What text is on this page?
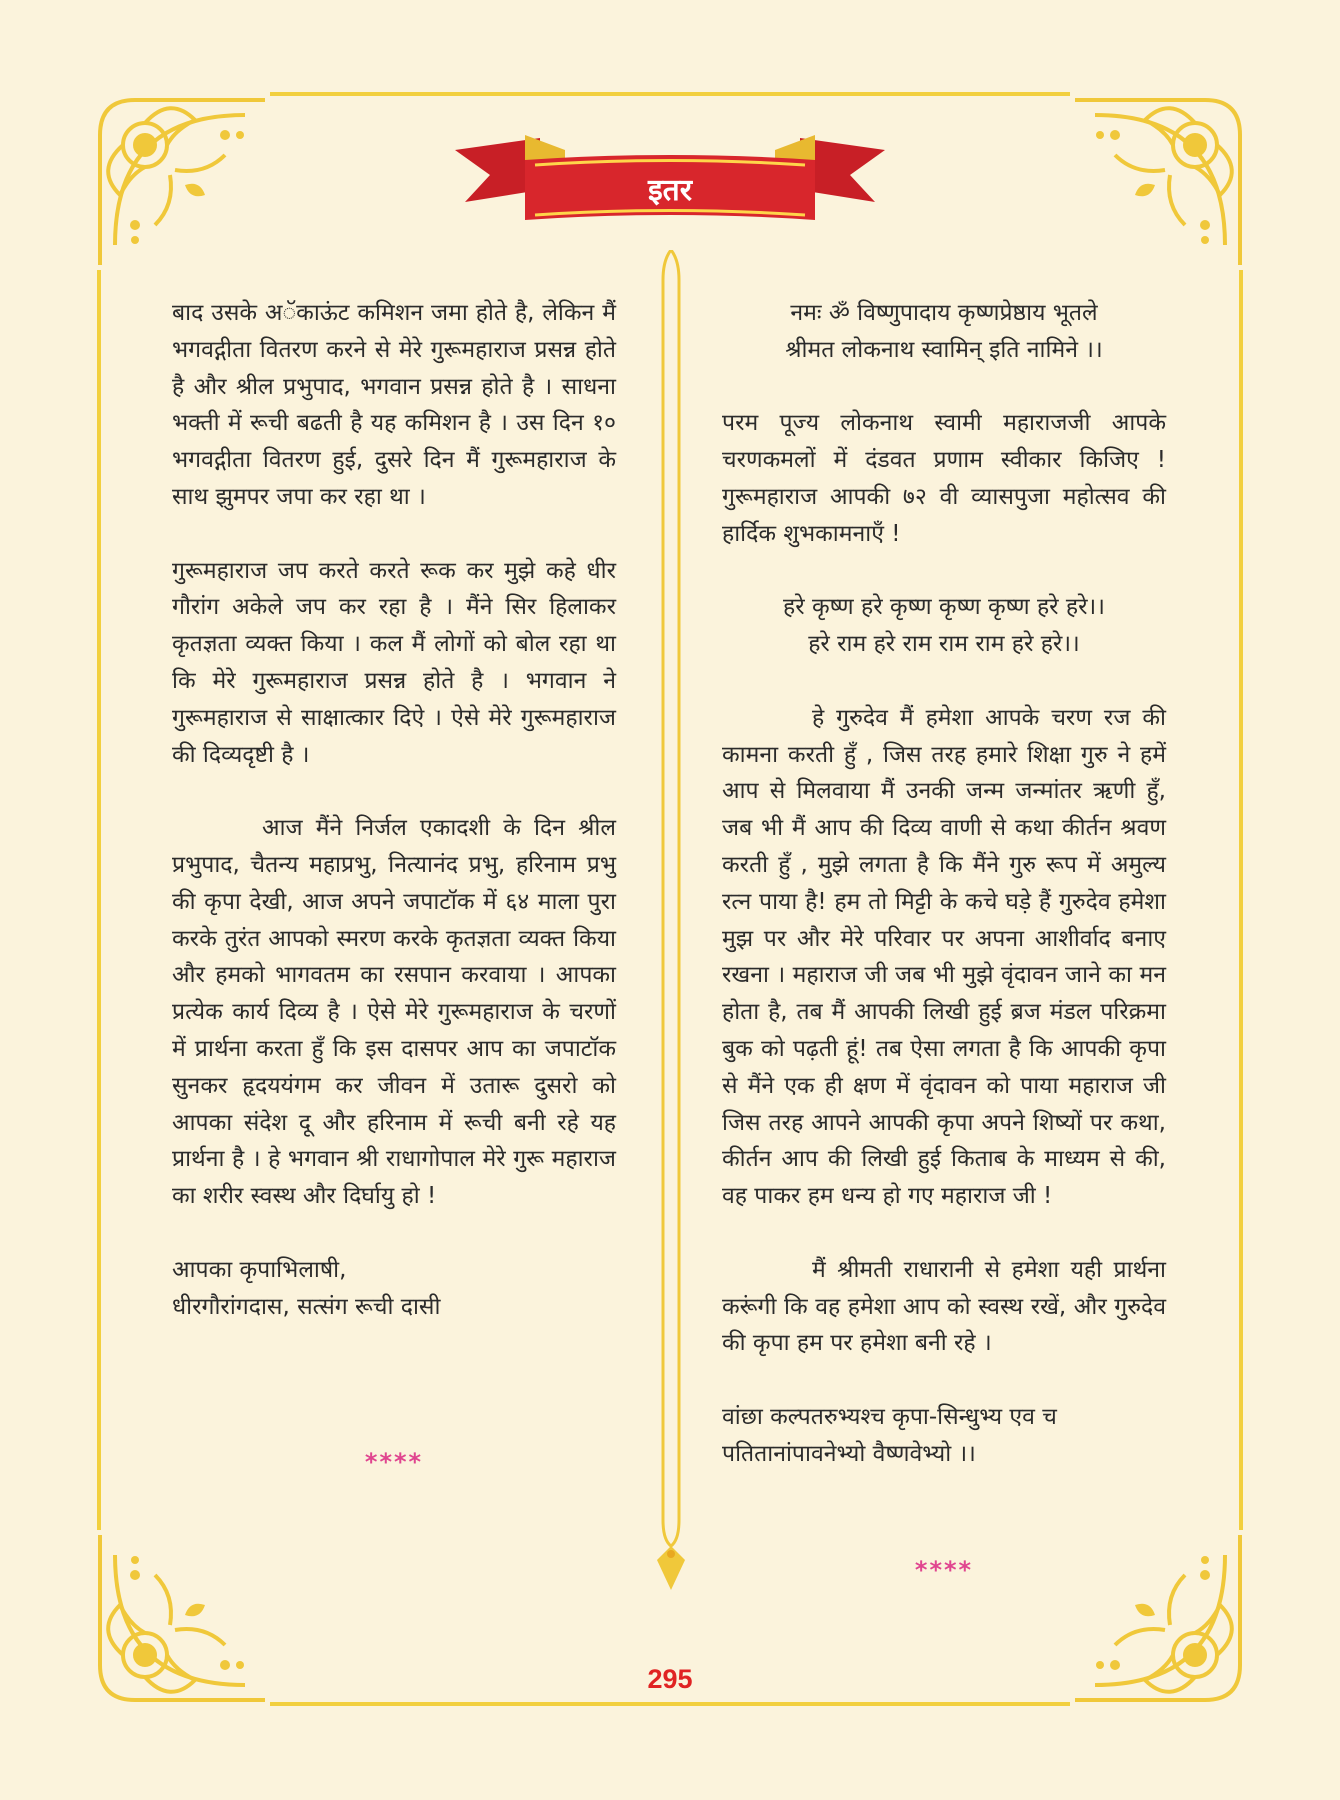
इतर

बाद उसके अॅकाऊंट कमिशन जमा होते है, लेकिन मैं भगवद्गीता वितरण करने से मेरे गुरूमहाराज प्रसन्न होते है और श्रील प्रभुपाद, भगवान प्रसन्न होते है । साधना भक्ती में रूची बढती है यह कमिशन है । उस दिन १० भगवद्गीता वितरण हुई, दुसरे दिन मैं गुरूमहाराज के साथ झुमपर जपा कर रहा था ।

गुरूमहाराज जप करते करते रूक कर मुझे कहे धीर गौरांग अकेले जप कर रहा है । मैंने सिर हिलाकर कृतज्ञता व्यक्त किया । कल मैं लोगों को बोल रहा था कि मेरे गुरूमहाराज प्रसन्न होते है । भगवान ने गुरूमहाराज से साक्षात्कार दिऐ । ऐसे मेरे गुरूमहाराज की दिव्यदृष्टी है ।

आज मैंने निर्जल एकादशी के दिन श्रील प्रभुपाद, चैतन्य महाप्रभु, नित्यानंद प्रभु, हरिनाम प्रभु की कृपा देखी, आज अपने जपाटॉक में ६४ माला पुरा करके तुरंत आपको स्मरण करके कृतज्ञता व्यक्त किया और हमको भागवतम का रसपान करवाया । आपका प्रत्येक कार्य दिव्य है । ऐसे मेरे गुरूमहाराज के चरणों में प्रार्थना करता हुँ कि इस दासपर आप का जपाटॉक सुनकर हृदययंगम कर जीवन में उतारू दुसरो को आपका संदेश दू और हरिनाम में रूची बनी रहे यह प्रार्थना है । हे भगवान श्री राधागोपाल मेरे गुरू महाराज का शरीर स्वस्थ और दिर्घायु हो !

आपका कृपाभिलाषी,

धीरगौरांगदास, सत्संग रूची दासी

****

नमः ॐ विष्णुपादाय कृष्णप्रेष्ठाय भूतले

श्रीमत लोकनाथ स्वामिन् इति नामिने ।।

परम पूज्य लोकनाथ स्वामी महाराजजी आपके चरणकमलों में दंडवत प्रणाम स्वीकार किजिए ! गुरूमहाराज आपकी ७२ वी व्यासपुजा महोत्सव की हार्दिक शुभकामनाएँ !

हरे कृष्ण हरे कृष्ण कृष्ण कृष्ण हरे हरे।।

हरे राम हरे राम राम राम हरे हरे।।

हे गुरुदेव मैं हमेशा आपके चरण रज की कामना करती हुँ , जिस तरह हमारे शिक्षा गुरु ने हमें आप से मिलवाया मैं उनकी जन्म जन्मांतर ऋणी हुँ, जब भी मैं आप की दिव्य वाणी से कथा कीर्तन श्रवण करती हुँ , मुझे लगता है कि मैंने गुरु रूप में अमुल्य रत्न पाया है! हम तो मिट्टी के कचे घड़े हैं गुरुदेव हमेशा मुझ पर और मेरे परिवार पर अपना आशीर्वाद बनाए रखना । महाराज जी जब भी मुझे वृंदावन जाने का मन होता है, तब मैं आपकी लिखी हुई ब्रज मंडल परिक्रमा बुक को पढ़ती हूं! तब ऐसा लगता है कि आपकी कृपा से मैंने एक ही क्षण में वृंदावन को पाया महाराज जी जिस तरह आपने आपकी कृपा अपने शिष्यों पर कथा, कीर्तन आप की लिखी हुई किताब के माध्यम से की, वह पाकर हम धन्य हो गए महाराज जी !

मैं श्रीमती राधारानी से हमेशा यही प्रार्थना करूंगी कि वह हमेशा आप को स्वस्थ रखें, और गुरुदेव की कृपा हम पर हमेशा बनी रहे ।

वांछा कल्पतरुभ्यश्च कृपा-सिन्धुभ्य एव च

पतितानांपावनेभ्यो वैष्णवेभ्यो ।।

****
295
